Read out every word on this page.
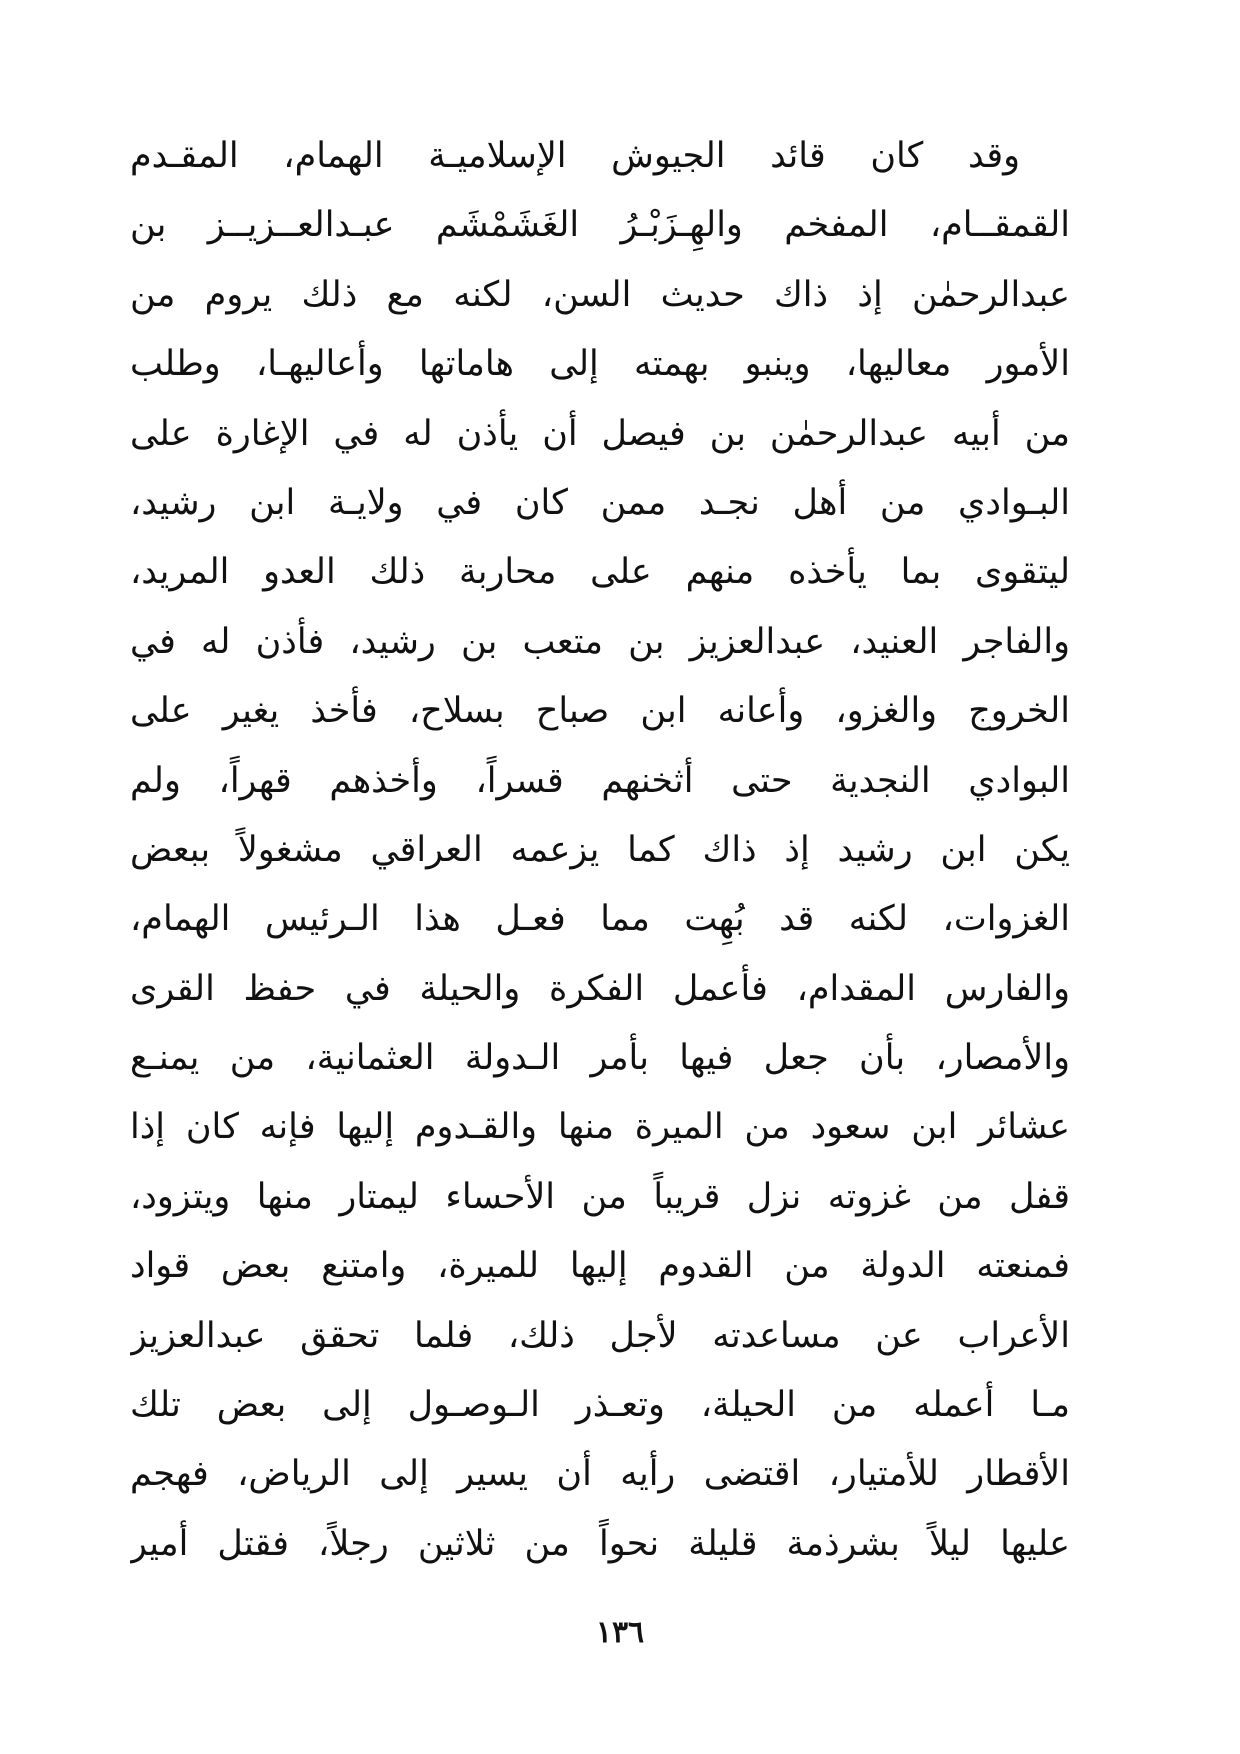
وقد كان قائد الجيوش الإسلاميـة الهمام، المقـدم
القمقــام، المفخم والهِـزَبْـرُ الغَشَمْشَم عبـدالعــزيــز بن
عبدالرحمٰن إذ ذاك حديث السن، لكنه مع ذلك يروم من
الأمور معاليها، وينبو بهمته إلى هاماتها وأعاليهـا، وطلب
من أبيه عبدالرحمٰن بن فيصل أن يأذن له في الإغارة على
البـوادي من أهل نجـد ممن كان في ولايـة ابن رشيد،
ليتقوى بما يأخذه منهم على محاربة ذلك العدو المريد،
والفاجر العنيد، عبدالعزيز بن متعب بن رشيد، فأذن له في
الخروج والغزو، وأعانه ابن صباح بسلاح، فأخذ يغير على
البوادي النجدية حتى أثخنهم قسراً، وأخذهم قهراً، ولم
يكن ابن رشيد إذ ذاك كما يزعمه العراقي مشغولاً ببعض
الغزوات، لكنه قد بُهِت مما فعـل هذا الـرئيس الهمام،
والفارس المقدام، فأعمل الفكرة والحيلة في حفظ القرى
والأمصار، بأن جعل فيها بأمر الـدولة العثمانية، من يمنـع
عشائر ابن سعود من الميرة منها والقـدوم إليها فإنه كان إذا
قفل من غزوته نزل قريباً من الأحساء ليمتار منها ويتزود،
فمنعته الدولة من القدوم إليها للميرة، وامتنع بعض قواد
الأعراب عن مساعدته لأجل ذلك، فلما تحقق عبدالعزيز
مـا أعمله من الحيلة، وتعـذر الـوصـول إلى بعض تلك
الأقطار للأمتيار، اقتضى رأيه أن يسير إلى الرياض، فهجم
عليها ليلاً بشرذمة قليلة نحواً من ثلاثين رجلاً، فقتل أمير
١٣٦
